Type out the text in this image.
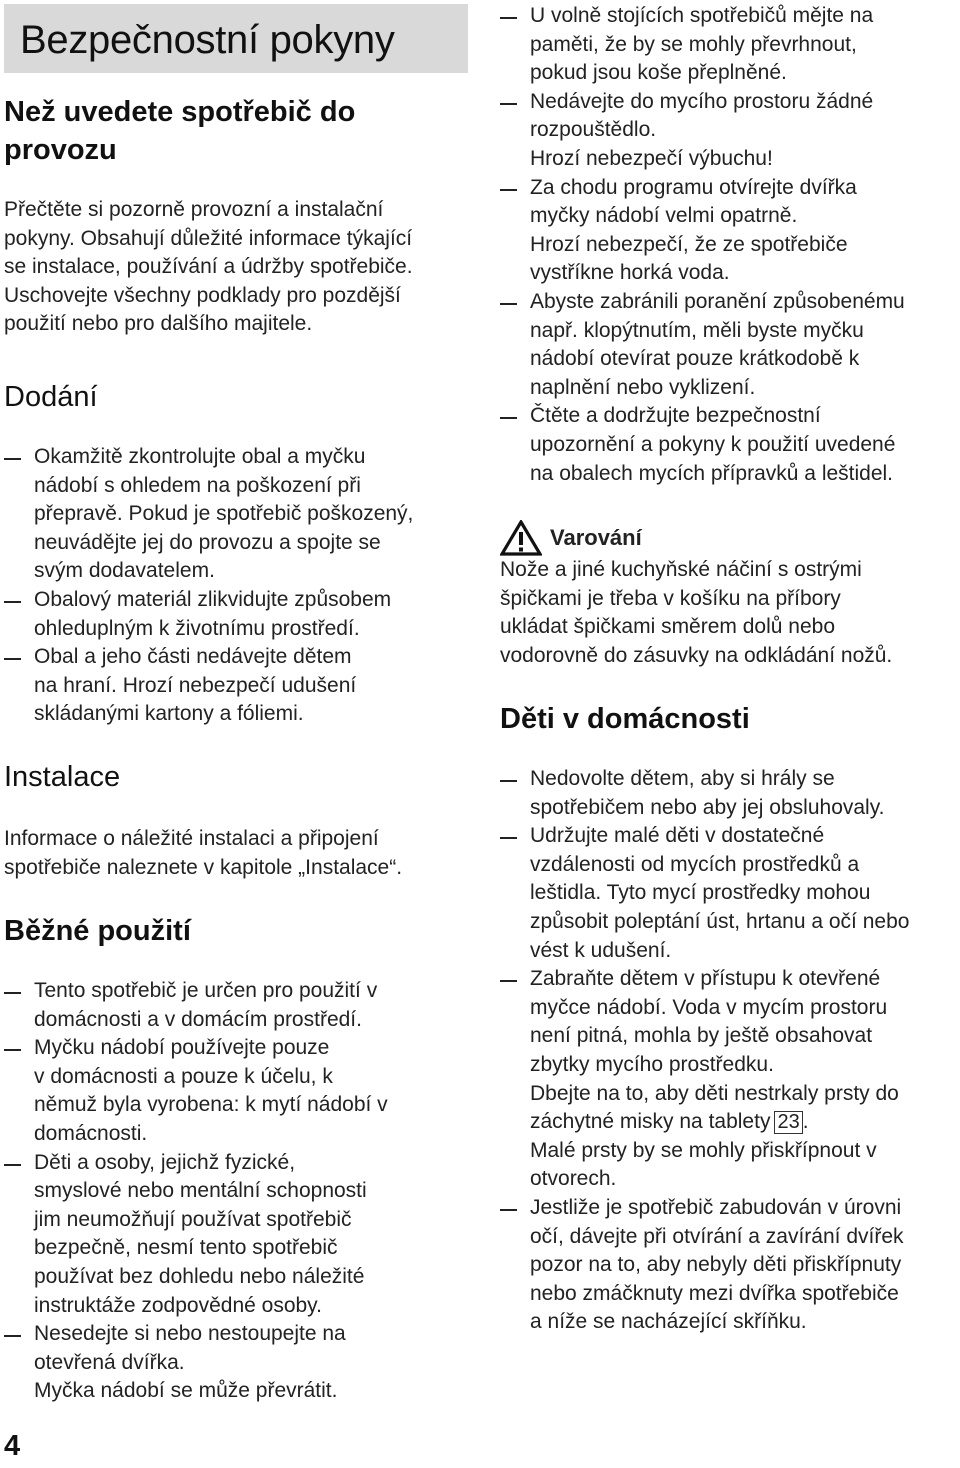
Bezpečnostní pokyny
Než uvedete spotřebič do
provozu

Přečtěte si pozorně provozní a instalační
pokyny. Obsahují důležité informace týkající
se instalace, používání a údržby spotřebiče.
Uschovejte všechny podklady pro pozdější
použití nebo pro dalšího majitele.

Dodání
Okamžitě zkontrolujte obal a myčku
nádobí s ohledem na poškození při
přepravě. Pokud je spotřebič poškozený,
neuvádějte jej do provozu a spojte se
svým dodavatelem.
Obalový materiál zlikvidujte způsobem
ohleduplným k životnímu prostředí.
Obal a jeho části nedávejte dětem
na hraní. Hrozí nebezpečí udušení
skládanými kartony a fóliemi.
Instalace

Informace o náležité instalaci a připojení
spotřebiče naleznete v kapitole „Instalace“.

Běžné použití
Tento spotřebič je určen pro použití v
domácnosti a v domácím prostředí.
Myčku nádobí používejte pouze
v domácnosti a pouze k účelu, k
němuž byla vyrobena: k mytí nádobí v
domácnosti.
Děti a osoby, jejichž fyzické,
smyslové nebo mentální schopnosti
jim neumožňují používat spotřebič
bezpečně, nesmí tento spotřebič
používat bez dohledu nebo náležité
instruktáže zodpovědné osoby.
Nesedejte si nebo nestoupejte na
otevřená dvířka.
Myčka nádobí se může převrátit.
U volně stojících spotřebičů mějte na
paměti, že by se mohly převrhnout,
pokud jsou koše přeplněné.
Nedávejte do mycího prostoru žádné
rozpouštědlo.
Hrozí nebezpečí výbuchu!
Za chodu programu otvírejte dvířka
myčky nádobí velmi opatrně.
Hrozí nebezpečí, že ze spotřebiče
vystříkne horká voda.
Abyste zabránili poranění způsobenému
např. klopýtnutím, měli byste myčku
nádobí otevírat pouze krátkodobě k
naplnění nebo vyklizení.
Čtěte a dodržujte bezpečnostní
upozornění a pokyny k použití uvedené
na obalech mycích přípravků a leštidel.
Varování

Nože a jiné kuchyňské náčiní s ostrými
špičkami je třeba v košíku na příbory
ukládat špičkami směrem dolů nebo
vodorovně do zásuvky na odkládání nožů.

Děti v domácnosti
Nedovolte dětem, aby si hrály se
spotřebičem nebo aby jej obsluhovaly.
Udržujte malé děti v dostatečné
vzdálenosti od mycích prostředků a
leštidla. Tyto mycí prostředky mohou
způsobit poleptání úst, hrtanu a očí nebo
vést k udušení.
Zabraňte dětem v přístupu k otevřené
myčce nádobí. Voda v mycím prostoru
není pitná, mohla by ještě obsahovat
zbytky mycího prostředku.
Dbejte na to, aby děti nestrkaly prsty do
záchytné misky na tablety 23 .
Malé prsty by se mohly přiskřípnout v
otvorech.
Jestliže je spotřebič zabudován v úrovni
očí, dávejte při otvírání a zavírání dvířek
pozor na to, aby nebyly děti přiskřípnuty
nebo zmáčknuty mezi dvířka spotřebiče
a níže se nacházející skříňku.
4
